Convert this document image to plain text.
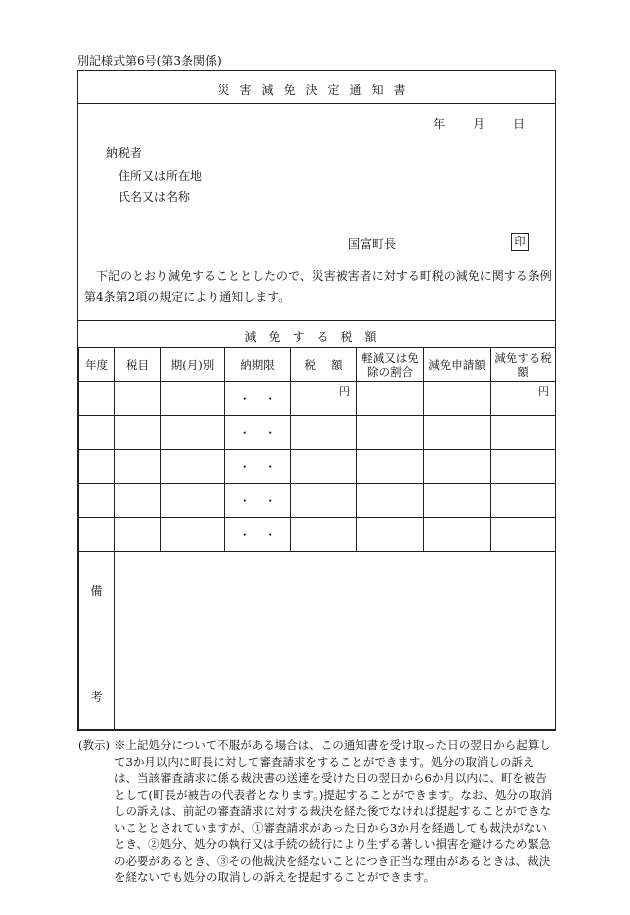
別記様式第6号(第3条関係)
災害減免決定通知書
年 月 日
納税者
住所又は所在地
氏名又は名称
国富町長	印
下記のとおり減免することとしたので、災害被害者に対する町税の減免に関する条例第4条第2項の規定により通知します。
減免する税額
年度	税目	期(月)別	納期限	税　 額	軽減又は免除の割合	減免申請額	減免する税額
			・・	円			円

			・・				
			・・				
			・・				
			・・				

備
考							

(教示) ※上記処分について不服がある場合は、この通知書を受け取った日の翌日から起算して3か月以内に町長に対して審査請求をすることができます。処分の取消しの訴えは、当該審査請求に係る裁決書の送達を受けた日の翌日から6か月以内に、町を被告として(町長が被告の代表者となります。)提起することができます。なお、処分の取消しの訴えは、前記の審査請求に対する裁決を経た後でなければ提起することができないこととされていますが、①審査請求があった日から3か月を経過しても裁決がないとき、②処分、処分の執行又は手続の続行により生ずる著しい損害を避けるため緊急の必要があるとき、③その他裁決を経ないことにつき正当な理由があるときは、裁決を経ないでも処分の取消しの訴えを提起することができます。
